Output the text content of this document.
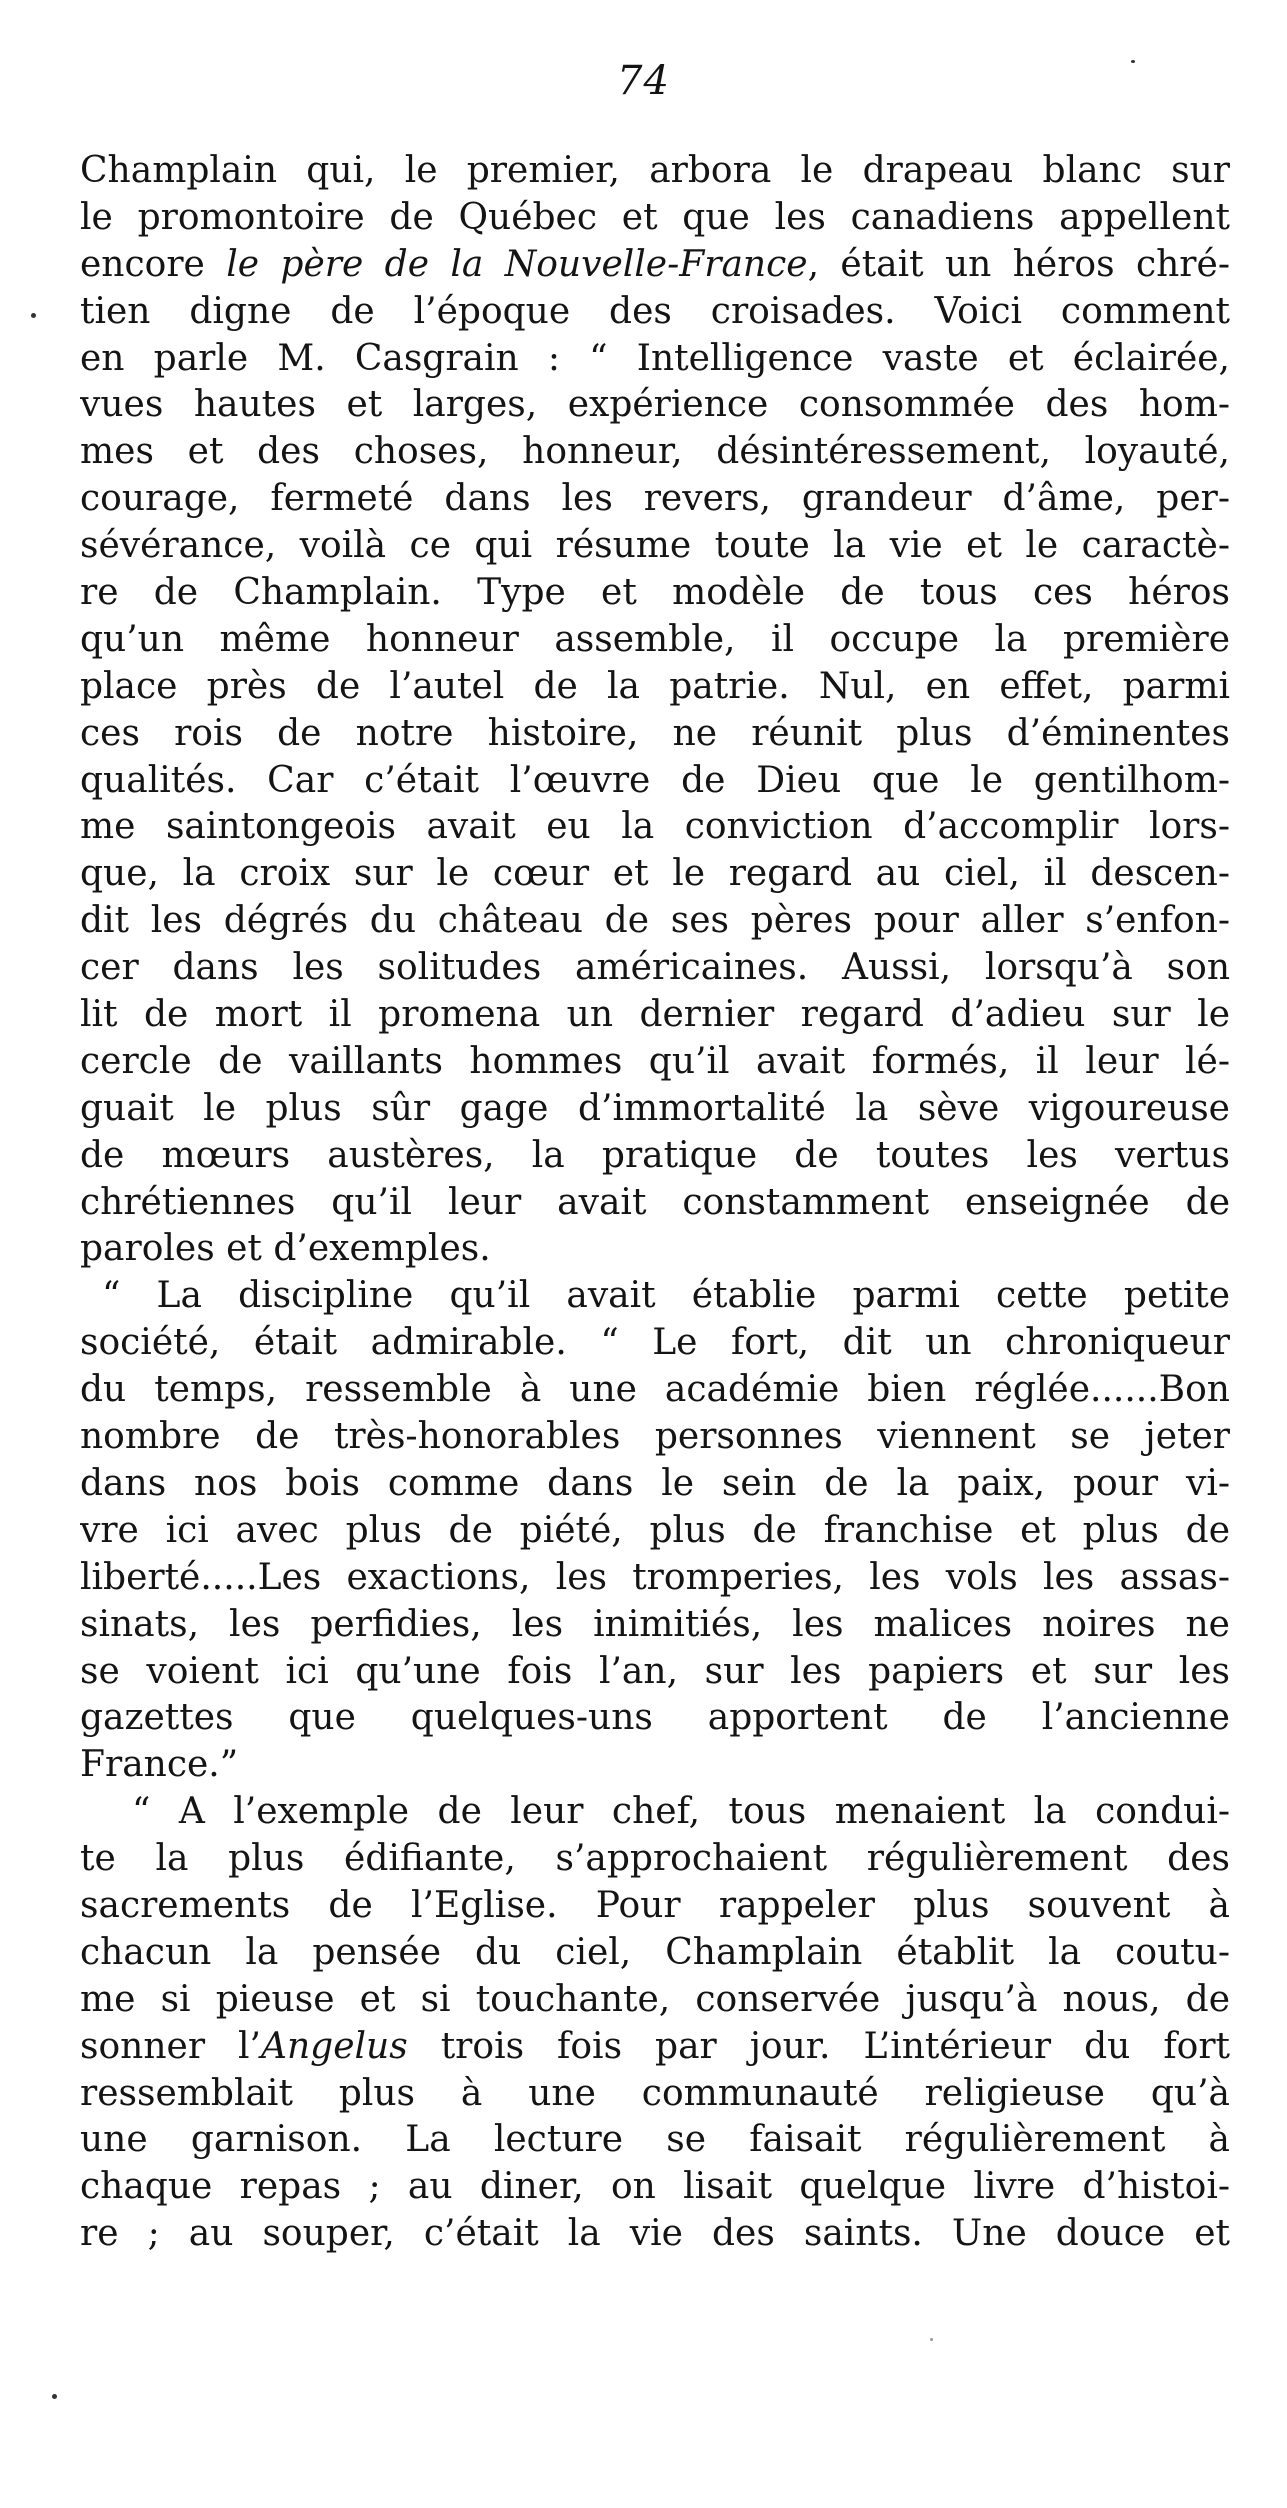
74
Champlain qui, le premier, arbora le drapeau blanc sur
le promontoire de Québec et que les canadiens appellent
encore le père de la Nouvelle-France, était un héros chré-
tien digne de l’époque des croisades. Voici comment
en parle M. Casgrain : “ Intelligence vaste et éclairée,
vues hautes et larges, expérience consommée des hom-
mes et des choses, honneur, désintéressement, loyauté,
courage, fermeté dans les revers, grandeur d’âme, per-
sévérance, voilà ce qui résume toute la vie et le caractè-
re de Champlain. Type et modèle de tous ces héros
qu’un même honneur assemble, il occupe la première
place près de l’autel de la patrie. Nul, en effet, parmi
ces rois de notre histoire, ne réunit plus d’éminentes
qualités. Car c’était l’œuvre de Dieu que le gentilhom-
me saintongeois avait eu la conviction d’accomplir lors-
que, la croix sur le cœur et le regard au ciel, il descen-
dit les dégrés du château de ses pères pour aller s’enfon-
cer dans les solitudes américaines. Aussi, lorsqu’à son
lit de mort il promena un dernier regard d’adieu sur le
cercle de vaillants hommes qu’il avait formés, il leur lé-
guait le plus sûr gage d’immortalité la sève vigoureuse
de mœurs austères, la pratique de toutes les vertus
chrétiennes qu’il leur avait constamment enseignée de
paroles et d’exemples.
“ La discipline qu’il avait établie parmi cette petite
société, était admirable. “ Le fort, dit un chroniqueur
du temps, ressemble à une académie bien réglée......Bon
nombre de très-honorables personnes viennent se jeter
dans nos bois comme dans le sein de la paix, pour vi-
vre ici avec plus de piété, plus de franchise et plus de
liberté.....Les exactions, les tromperies, les vols les assas-
sinats, les perfidies, les inimitiés, les malices noires ne
se voient ici qu’une fois l’an, sur les papiers et sur les
gazettes que quelques-uns apportent de l’ancienne
France.”
“ A l’exemple de leur chef, tous menaient la condui-
te la plus édifiante, s’approchaient régulièrement des
sacrements de l’Eglise. Pour rappeler plus souvent à
chacun la pensée du ciel, Champlain établit la coutu-
me si pieuse et si touchante, conservée jusqu’à nous, de
sonner l’Angelus trois fois par jour. L’intérieur du fort
ressemblait plus à une communauté religieuse qu’à
une garnison. La lecture se faisait régulièrement à
chaque repas ; au diner, on lisait quelque livre d’histoi-
re ; au souper, c’était la vie des saints. Une douce et
